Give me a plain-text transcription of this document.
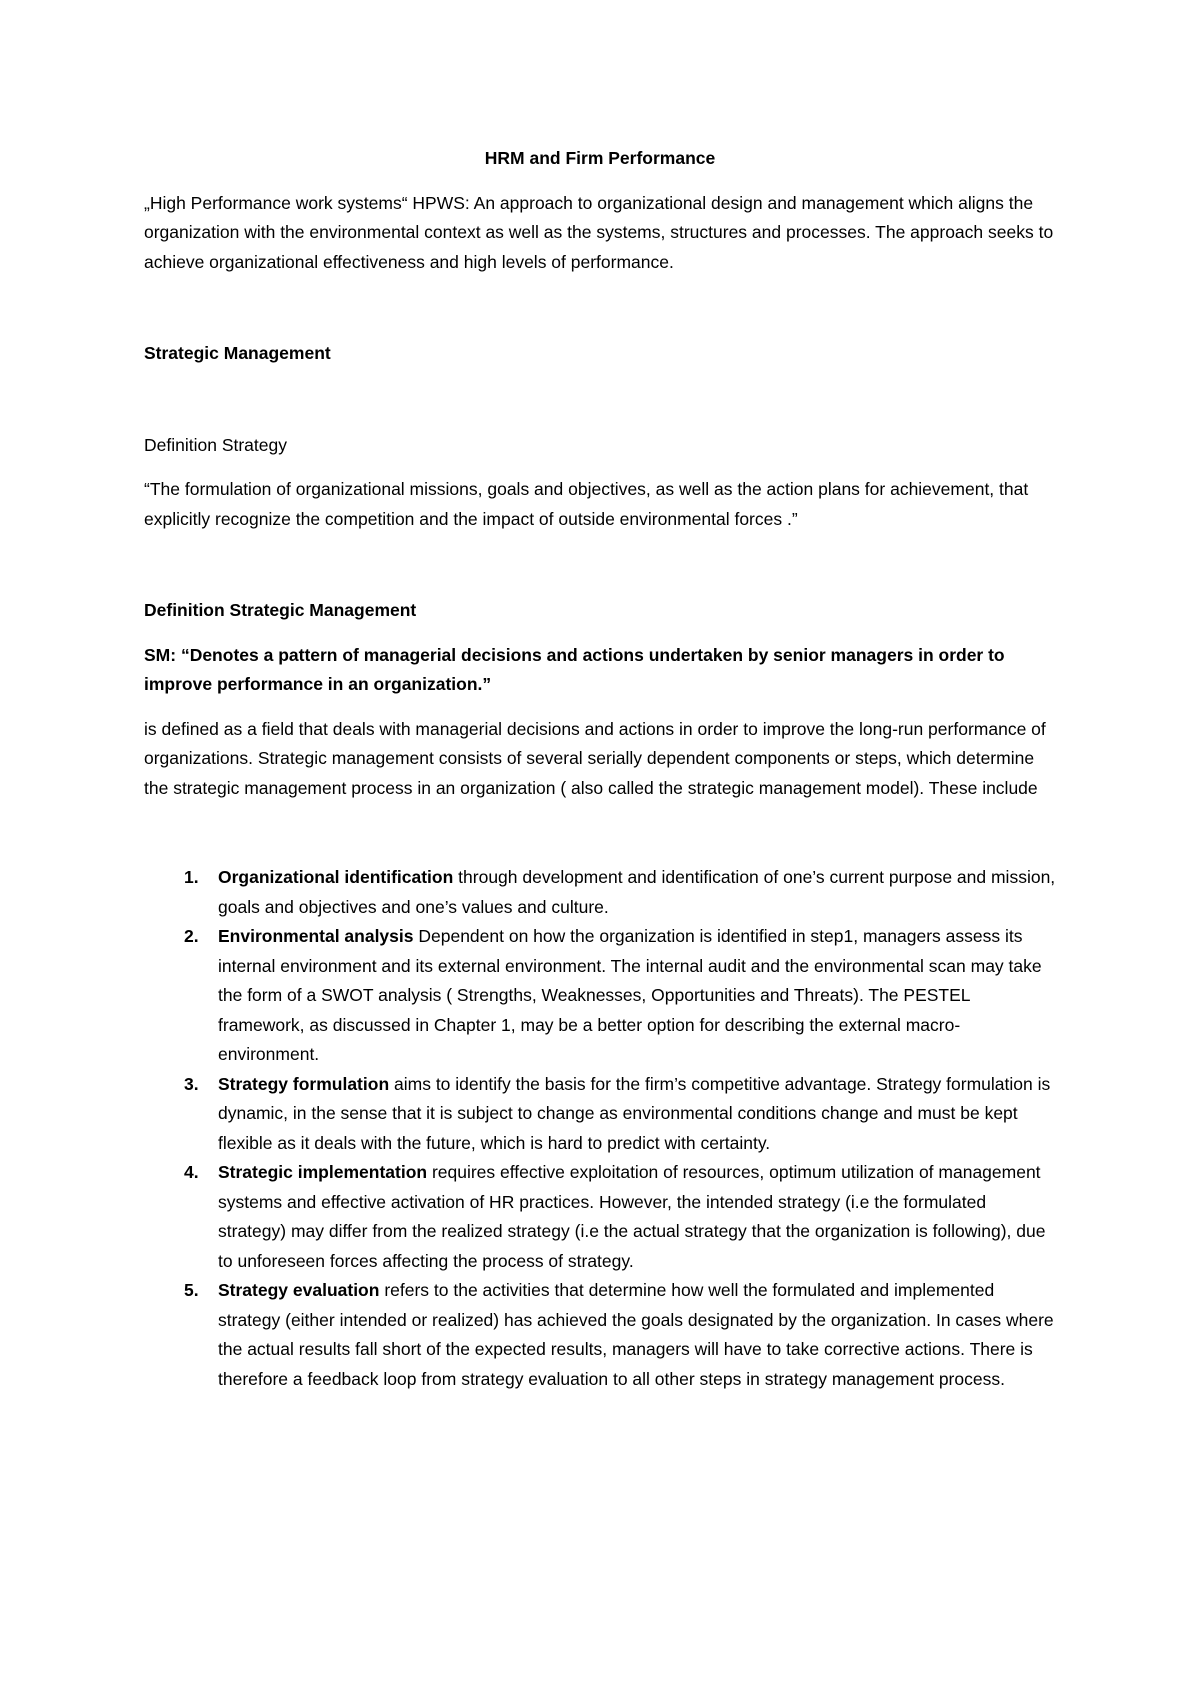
HRM and Firm Performance

„High Performance work systems“ HPWS: An approach to organizational design and management which aligns the organization with the environmental context as well as the systems, structures and processes. The approach seeks to achieve organizational effectiveness and high levels of performance.

Strategic Management

Definition Strategy

“The formulation of organizational missions, goals and objectives, as well as the action plans for achievement, that explicitly recognize the competition and the impact of outside environmental forces .”

Definition Strategic Management

SM: “Denotes a pattern of managerial decisions and actions undertaken by senior managers in order to improve performance in an organization.”

is defined as a field that deals with managerial decisions and actions in order to improve the long-run performance of organizations. Strategic management consists of several serially dependent components or steps, which determine the strategic management process in an organization ( also called the strategic management model). These include

1. Organizational identification through development and identification of one’s current purpose and mission, goals and objectives and one’s values and culture.
2. Environmental analysis Dependent on how the organization is identified in step1, managers assess its internal environment and its external environment. The internal audit and the environmental scan may take the form of a SWOT analysis ( Strengths, Weaknesses, Opportunities and Threats). The PESTEL framework, as discussed in Chapter 1, may be a better option for describing the external macro-environment.
3. Strategy formulation aims to identify the basis for the firm’s competitive advantage. Strategy formulation is dynamic, in the sense that it is subject to change as environmental conditions change and must be kept flexible as it deals with the future, which is hard to predict with certainty.
4. Strategic implementation requires effective exploitation of resources, optimum utilization of management systems and effective activation of HR practices. However, the intended strategy (i.e the formulated strategy) may differ from the realized strategy (i.e the actual strategy that the organization is following), due to unforeseen forces affecting the process of strategy.
5. Strategy evaluation refers to the activities that determine how well the formulated and implemented strategy (either intended or realized) has achieved the goals designated by the organization. In cases where the actual results fall short of the expected results, managers will have to take corrective actions. There is therefore a feedback loop from strategy evaluation to all other steps in strategy management process.
